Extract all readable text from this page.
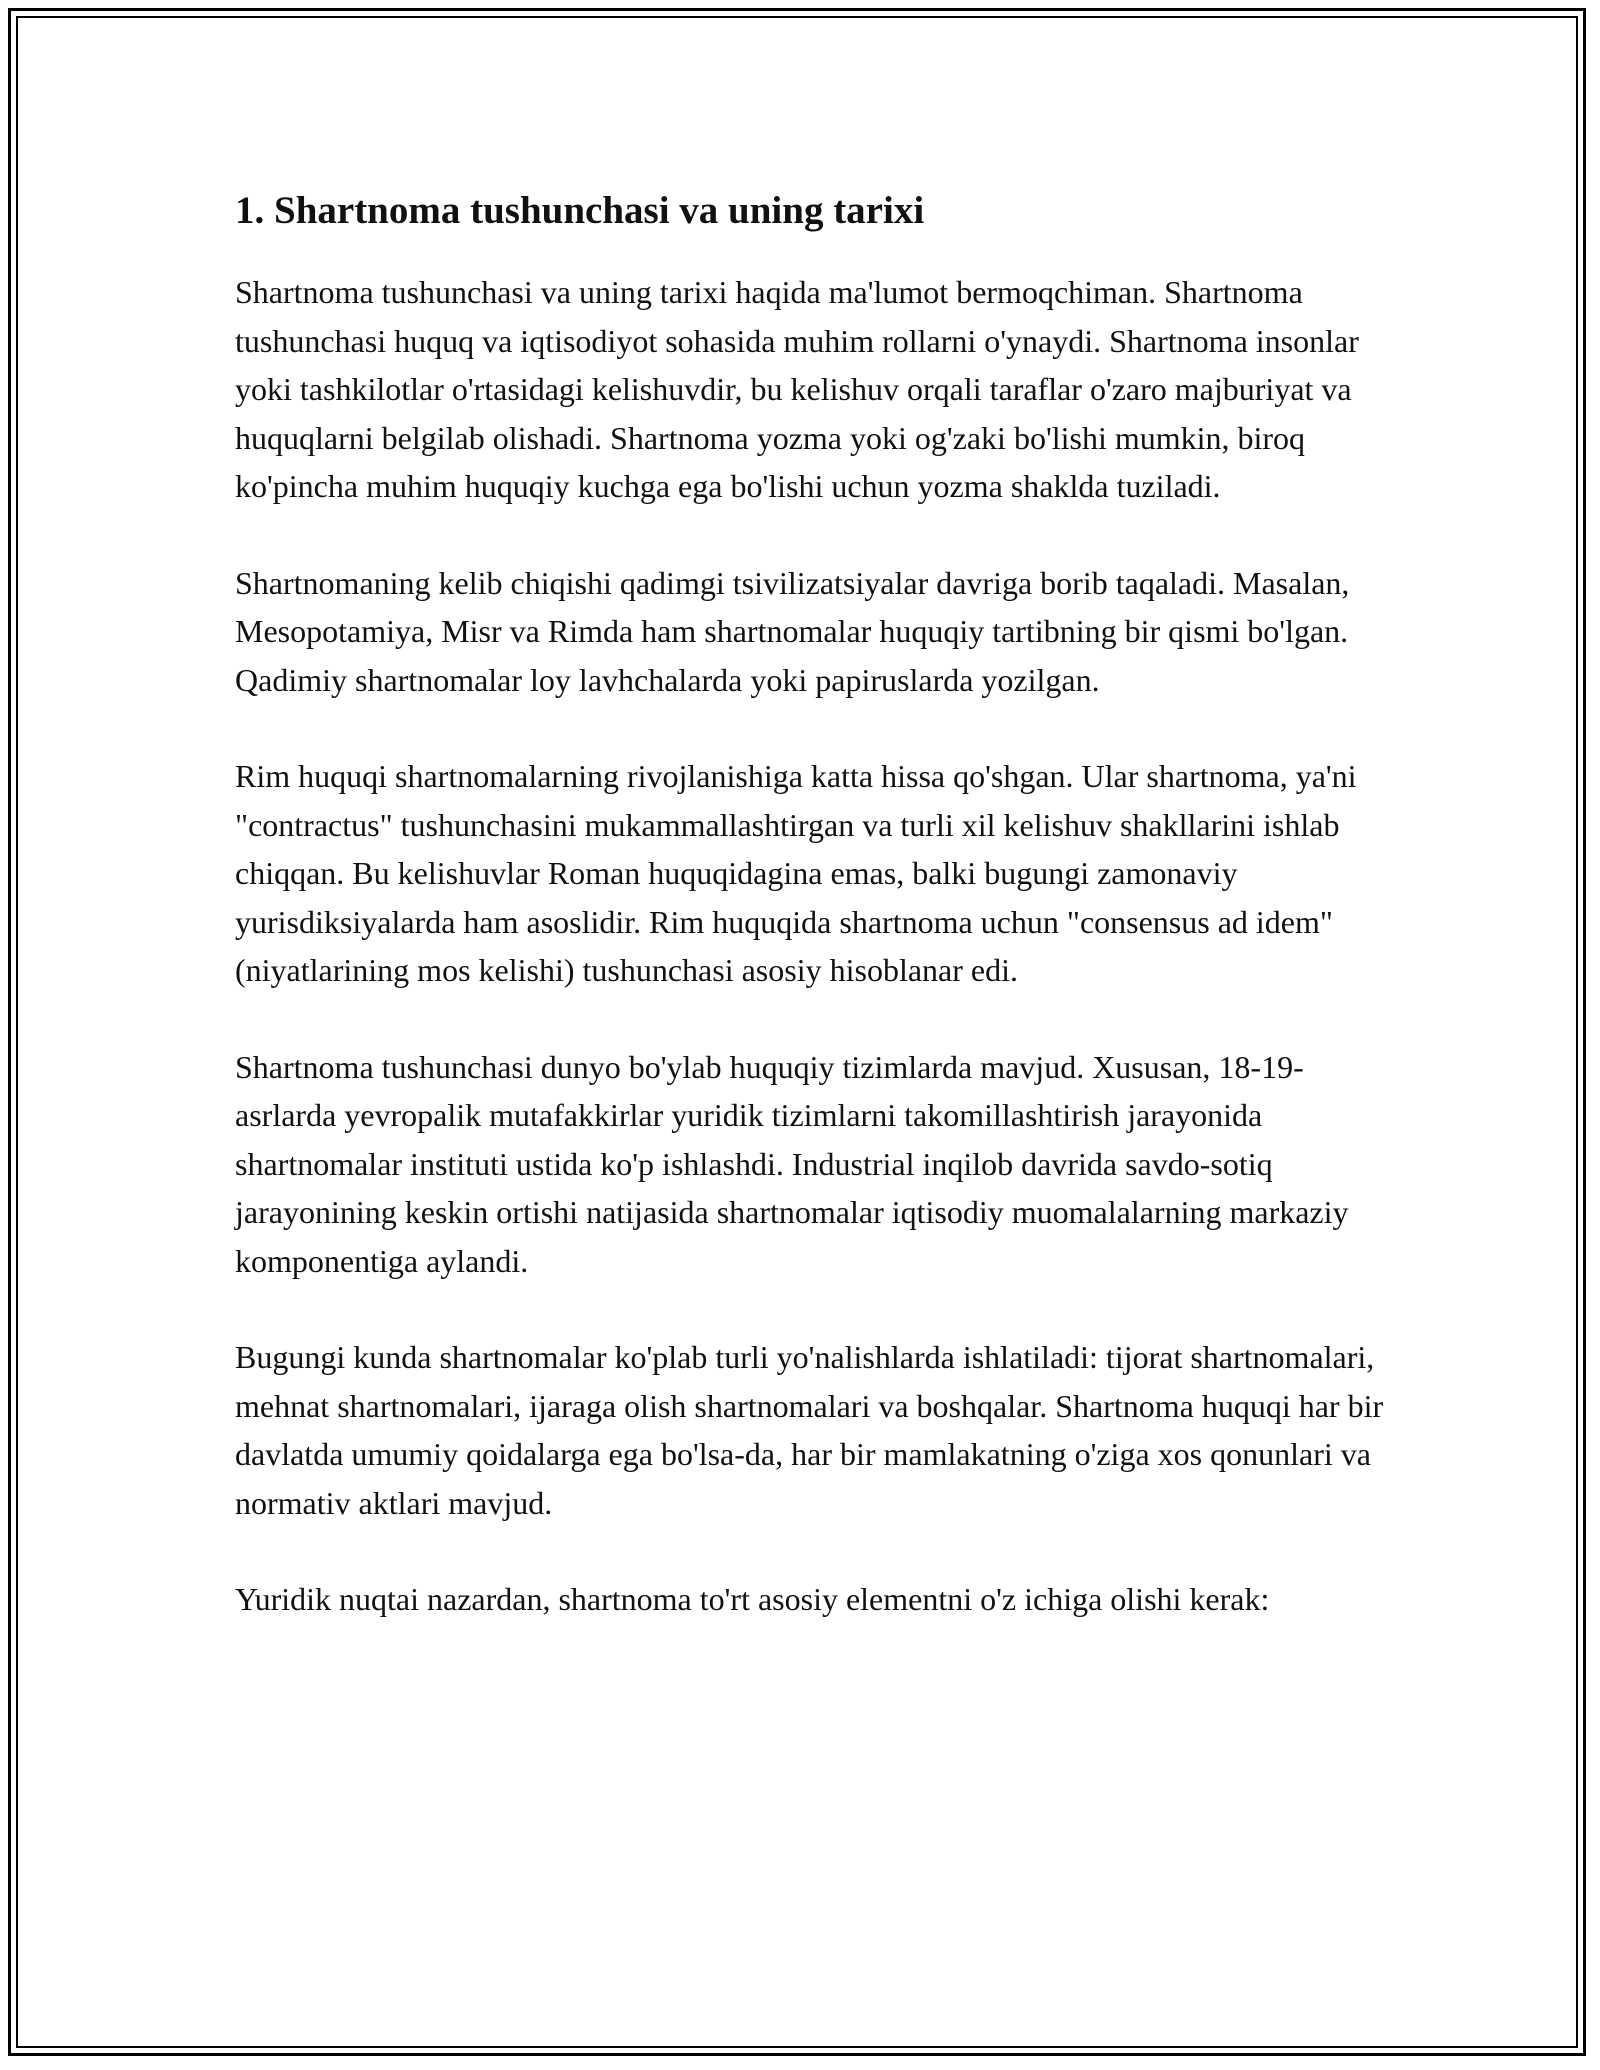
1. Shartnoma tushunchasi va uning tarixi

Shartnoma tushunchasi va uning tarixi haqida ma'lumot bermoqchiman. Shartnoma tushunchasi huquq va iqtisodiyot sohasida muhim rollarni o'ynaydi. Shartnoma insonlar yoki tashkilotlar o'rtasidagi kelishuvdir, bu kelishuv orqali taraflar o'zaro majburiyat va huquqlarni belgilab olishadi. Shartnoma yozma yoki og'zaki bo'lishi mumkin, biroq ko'pincha muhim huquqiy kuchga ega bo'lishi uchun yozma shaklda tuziladi.

Shartnomaning kelib chiqishi qadimgi tsivilizatsiyalar davriga borib taqaladi. Masalan, Mesopotamiya, Misr va Rimda ham shartnomalar huquqiy tartibning bir qismi bo'lgan. Qadimiy shartnomalar loy lavhchalarda yoki papiruslarda yozilgan.

Rim huquqi shartnomalarning rivojlanishiga katta hissa qo'shgan. Ular shartnoma, ya'ni "contractus" tushunchasini mukammallashtirgan va turli xil kelishuv shakllarini ishlab chiqqan. Bu kelishuvlar Roman huquqidagina emas, balki bugungi zamonaviy yurisdiksiyalarda ham asoslidir. Rim huquqida shartnoma uchun "consensus ad idem" (niyatlarining mos kelishi) tushunchasi asosiy hisoblanar edi.

Shartnoma tushunchasi dunyo bo'ylab huquqiy tizimlarda mavjud. Xususan, 18-19-asrlarda yevropalik mutafakkirlar yuridik tizimlarni takomillashtirish jarayonida shartnomalar instituti ustida ko'p ishlashdi. Industrial inqilob davrida savdo-sotiq jarayonining keskin ortishi natijasida shartnomalar iqtisodiy muomalalarning markaziy komponentiga aylandi.

Bugungi kunda shartnomalar ko'plab turli yo'nalishlarda ishlatiladi: tijorat shartnomalari, mehnat shartnomalari, ijaraga olish shartnomalari va boshqalar. Shartnoma huquqi har bir davlatda umumiy qoidalarga ega bo'lsa-da, har bir mamlakatning o'ziga xos qonunlari va normativ aktlari mavjud.

Yuridik nuqtai nazardan, shartnoma to'rt asosiy elementni o'z ichiga olishi kerak:
